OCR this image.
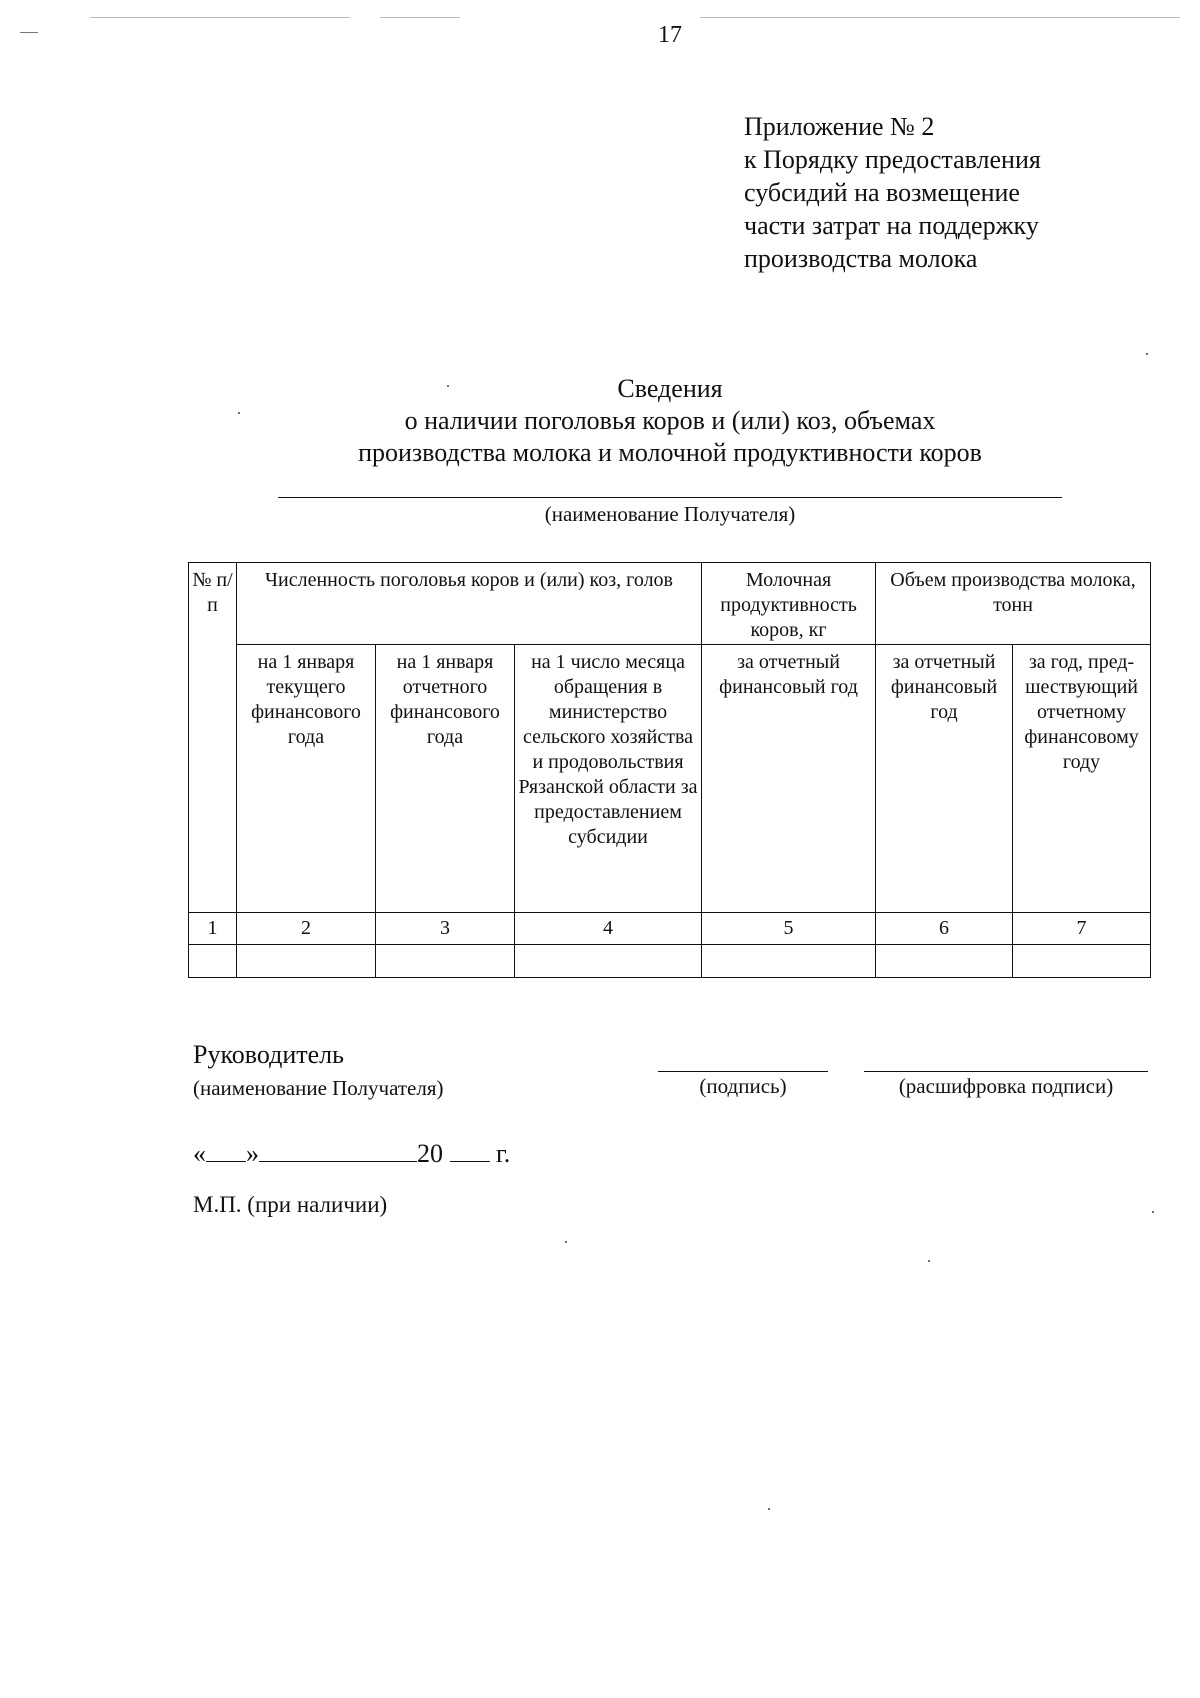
17
Приложение № 2
к Порядку предоставления
субсидий на возмещение
части затрат на поддержку
производства молока
Сведения
о наличии поголовья коров и (или) коз, объемах
производства молока и молочной продуктивности коров
(наименование Получателя)
№ п/п	Численность поголовья коров и (или) коз, голов			Молочная продуктивность коров, кг	Объем производства молока, тонн	
	на 1 января текущего финансового года	на 1 января отчетного финансового года	на 1 число месяца обращения в министерство сельского хозяйства и продовольствия Рязанской области за предоставлением субсидии	за отчетный финансовый год	за отчетный финансовый год	за год, пред-шествующий отчетному финансовому году
1	2	3	4	5	6	7

Руководитель
(наименование Получателя)	(подпись)	(расшифровка подписи)
« »	20 г.
М.П. (при наличии)
